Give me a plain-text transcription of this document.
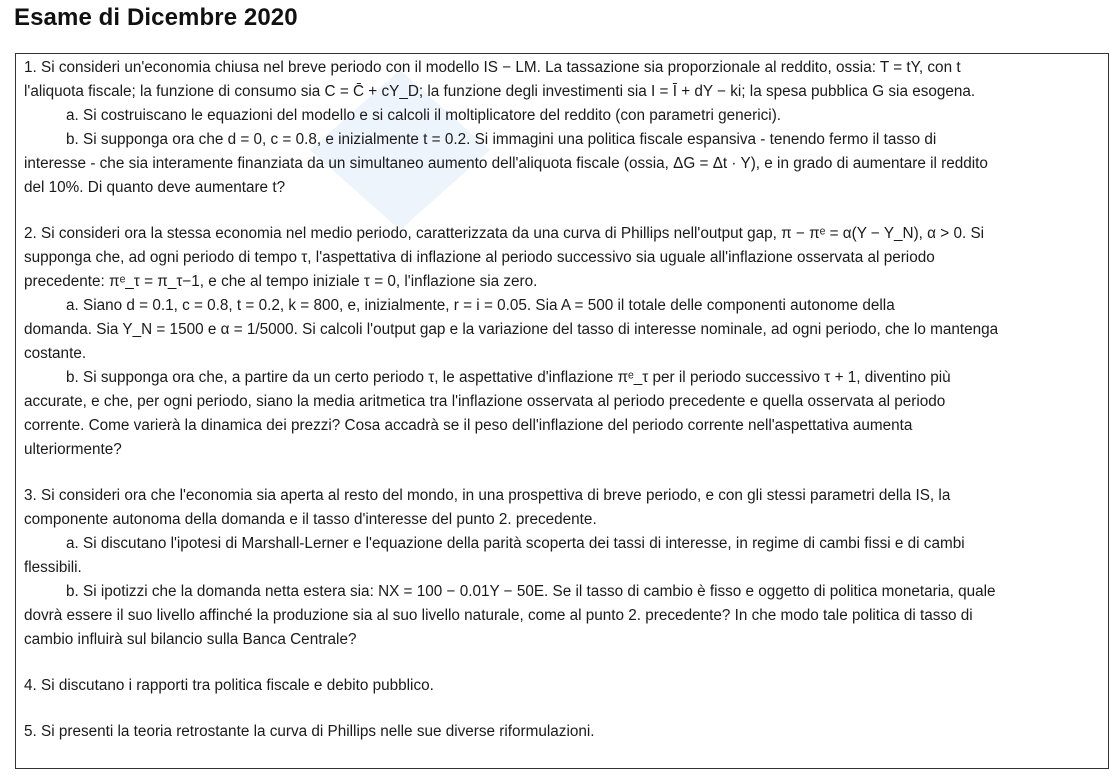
Esame di Dicembre 2020

1. Si consideri un'economia chiusa nel breve periodo con il modello IS − LM. La tassazione sia proporzionale al reddito, ossia: T = tY, con t

l'aliquota fiscale; la funzione di consumo sia C = C̄ + cY_D; la funzione degli investimenti sia I = Ī + dY − ki; la spesa pubblica G sia esogena.

a. Si costruiscano le equazioni del modello e si calcoli il moltiplicatore del reddito (con parametri generici).

b. Si supponga ora che d = 0, c = 0.8, e inizialmente t = 0.2. Si immagini una politica fiscale espansiva - tenendo fermo il tasso di

interesse - che sia interamente finanziata da un simultaneo aumento dell'aliquota fiscale (ossia, ΔG = Δt · Y), e in grado di aumentare il reddito

del 10%. Di quanto deve aumentare t?

2. Si consideri ora la stessa economia nel medio periodo, caratterizzata da una curva di Phillips nell'output gap, π − πᵉ = α(Y − Y_N), α > 0. Si

supponga che, ad ogni periodo di tempo τ, l'aspettativa di inflazione al periodo successivo sia uguale all'inflazione osservata al periodo

precedente: πᵉ_τ = π_τ−1, e che al tempo iniziale τ = 0, l'inflazione sia zero.

a. Siano d = 0.1, c = 0.8, t = 0.2, k = 800, e, inizialmente, r = i = 0.05. Sia A = 500 il totale delle componenti autonome della

domanda. Sia Y_N = 1500 e α = 1/5000. Si calcoli l'output gap e la variazione del tasso di interesse nominale, ad ogni periodo, che lo mantenga

costante.

b. Si supponga ora che, a partire da un certo periodo τ, le aspettative d'inflazione πᵉ_τ per il periodo successivo τ + 1, diventino più

accurate, e che, per ogni periodo, siano la media aritmetica tra l'inflazione osservata al periodo precedente e quella osservata al periodo

corrente. Come varierà la dinamica dei prezzi? Cosa accadrà se il peso dell'inflazione del periodo corrente nell'aspettativa aumenta

ulteriormente?

3. Si consideri ora che l'economia sia aperta al resto del mondo, in una prospettiva di breve periodo, e con gli stessi parametri della IS, la

componente autonoma della domanda e il tasso d'interesse del punto 2. precedente.

a. Si discutano l'ipotesi di Marshall-Lerner e l'equazione della parità scoperta dei tassi di interesse, in regime di cambi fissi e di cambi

flessibili.

b. Si ipotizzi che la domanda netta estera sia: NX = 100 − 0.01Y − 50E. Se il tasso di cambio è fisso e oggetto di politica monetaria, quale

dovrà essere il suo livello affinché la produzione sia al suo livello naturale, come al punto 2. precedente? In che modo tale politica di tasso di

cambio influirà sul bilancio sulla Banca Centrale?

4. Si discutano i rapporti tra politica fiscale e debito pubblico.

5. Si presenti la teoria retrostante la curva di Phillips nelle sue diverse riformulazioni.
